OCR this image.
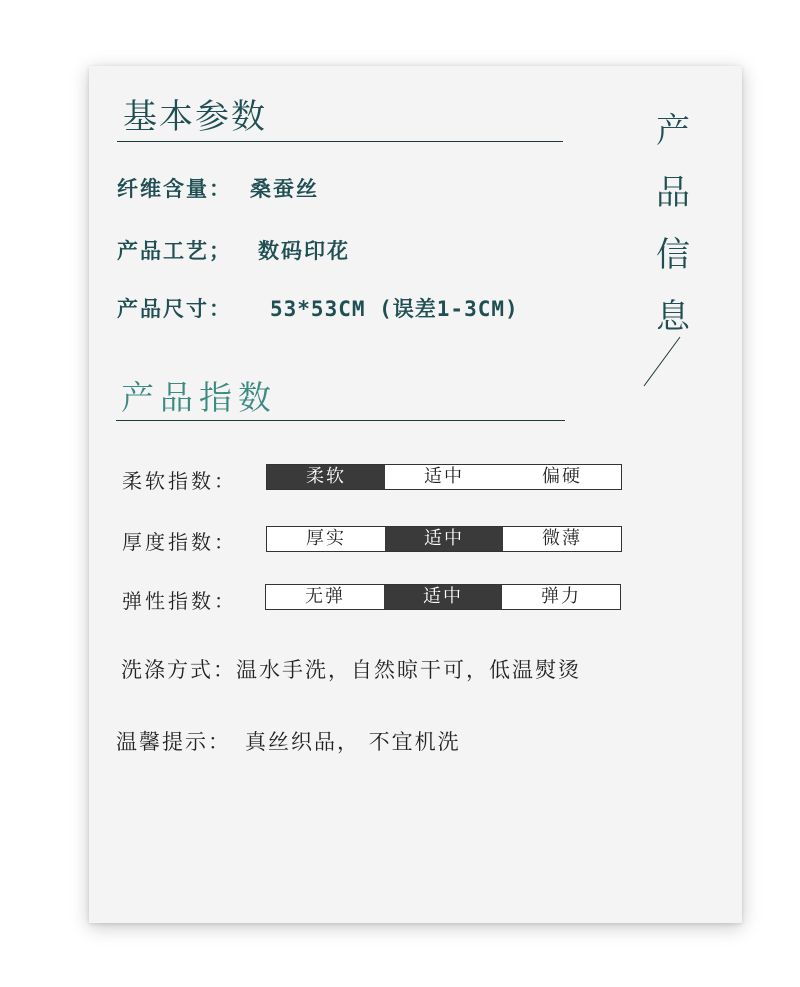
基本参数
纤维含量： 桑蚕丝
产品工艺； 数码印花
产品尺寸： 53*53CM (误差1-3CM)
产
品
信
息
产品指数
柔软指数：	柔软	适中	偏硬
厚度指数：	厚实	适中	微薄
弹性指数：	无弹	适中	弹力
洗涤方式：温水手洗，自然晾干可，低温熨烫
温馨提示： 真丝织品， 不宜机洗
